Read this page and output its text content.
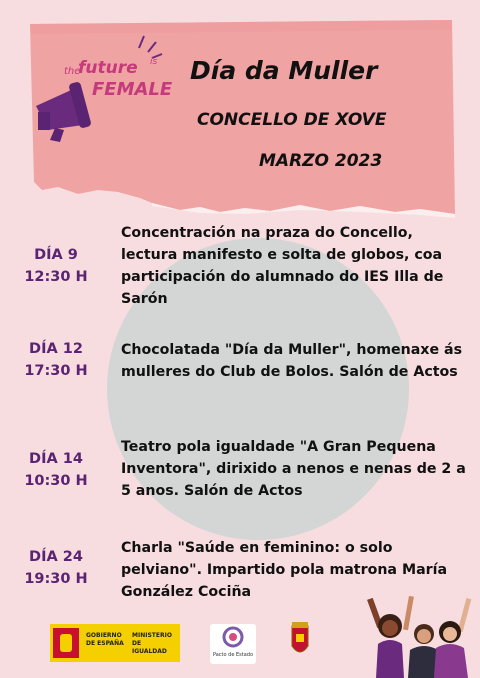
the
future is
FEMALE
Día da Muller
CONCELLO DE XOVE
MARZO 2023
DÍA 9
12:30 H
Concentración na praza do Concello, lectura manifesto e solta de globos, coa participación do alumnado do IES Illa de Sarón
DÍA 12
17:30 H
Chocolatada "Día da Muller", homenaxe ás mulleres do Club de Bolos. Salón de Actos
DÍA 14
10:30 H
Teatro pola igualdade "A Gran Pequena Inventora", dirixido a nenos e nenas de 2 a 5 anos. Salón de Actos
DÍA 24
19:30 H
Charla "Saúde en feminino: o solo pelviano". Impartido pola matrona María González Cociña
GOBIERNO DE ESPAÑA
MINISTERIO DE IGUALDAD	Pacto de Estado
